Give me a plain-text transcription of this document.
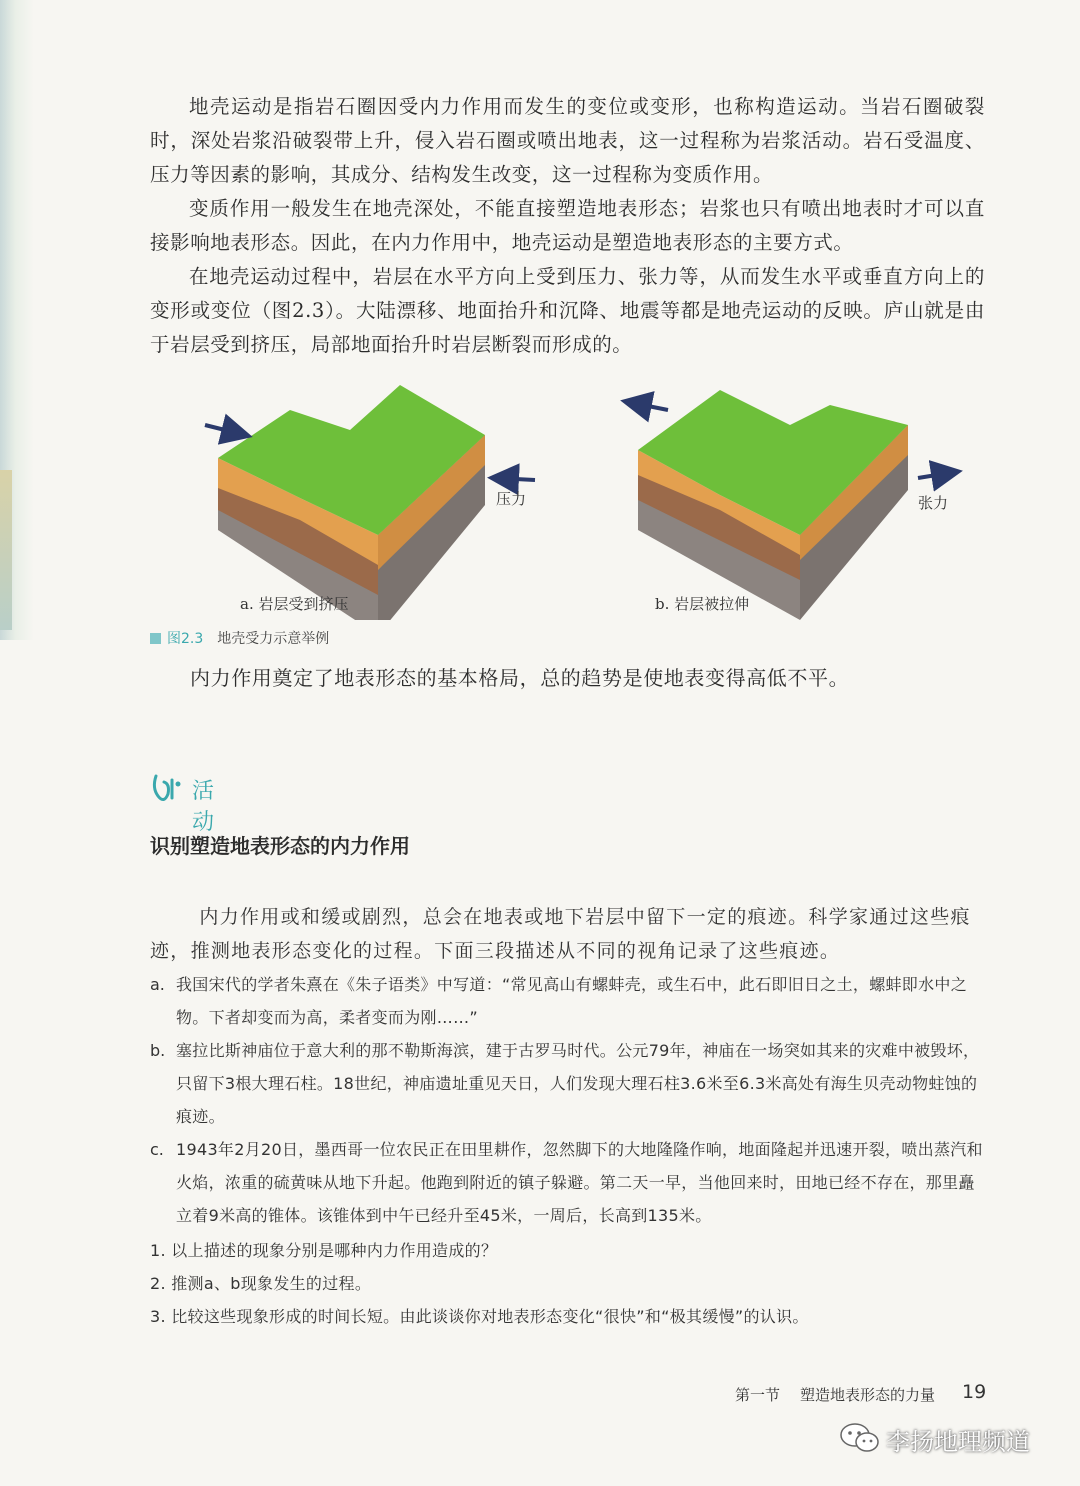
地壳运动是指岩石圈因受内力作用而发生的变位或变形，也称构造运动。当岩石圈破裂时，深处岩浆沿破裂带上升，侵入岩石圈或喷出地表，这一过程称为岩浆活动。岩石受温度、压力等因素的影响，其成分、结构发生改变，这一过程称为变质作用。

变质作用一般发生在地壳深处，不能直接塑造地表形态；岩浆也只有喷出地表时才可以直接影响地表形态。因此，在内力作用中，地壳运动是塑造地表形态的主要方式。

在地壳运动过程中，岩层在水平方向上受到压力、张力等，从而发生水平或垂直方向上的变形或变位（图2.3）。大陆漂移、地面抬升和沉降、地震等都是地壳运动的反映。庐山就是由于岩层受到挤压，局部地面抬升时岩层断裂而形成的。

压力	张力
a. 岩层受到挤压	b. 岩层被拉伸
图2.3 地壳受力示意举例
内力作用奠定了地表形态的基本格局，总的趋势是使地表变得高低不平。
活动
识别塑造地表形态的内力作用

内力作用或和缓或剧烈，总会在地表或地下岩层中留下一定的痕迹。科学家通过这些痕迹，推测地表形态变化的过程。下面三段描述从不同的视角记录了这些痕迹。

a. 我国宋代的学者朱熹在《朱子语类》中写道：“常见高山有螺蚌壳，或生石中，此石即旧日之土，螺蚌即水中之物。下者却变而为高，柔者变而为刚……”
b. 塞拉比斯神庙位于意大利的那不勒斯海滨，建于古罗马时代。公元79年，神庙在一场突如其来的灾难中被毁坏，只留下3根大理石柱。18世纪，神庙遗址重见天日，人们发现大理石柱3.6米至6.3米高处有海生贝壳动物蛀蚀的痕迹。
c. 1943年2月20日，墨西哥一位农民正在田里耕作，忽然脚下的大地隆隆作响，地面隆起并迅速开裂，喷出蒸汽和火焰，浓重的硫黄味从地下升起。他跑到附近的镇子躲避。第二天一早，当他回来时，田地已经不存在，那里矗立着9米高的锥体。该锥体到中午已经升至45米，一周后，长高到135米。
1. 以上描述的现象分别是哪种内力作用造成的？
2. 推测a、b现象发生的过程。
3. 比较这些现象形成的时间长短。由此谈谈你对地表形态变化“很快”和“极其缓慢”的认识。
第一节 塑造地表形态的力量 19
李扬地理频道
